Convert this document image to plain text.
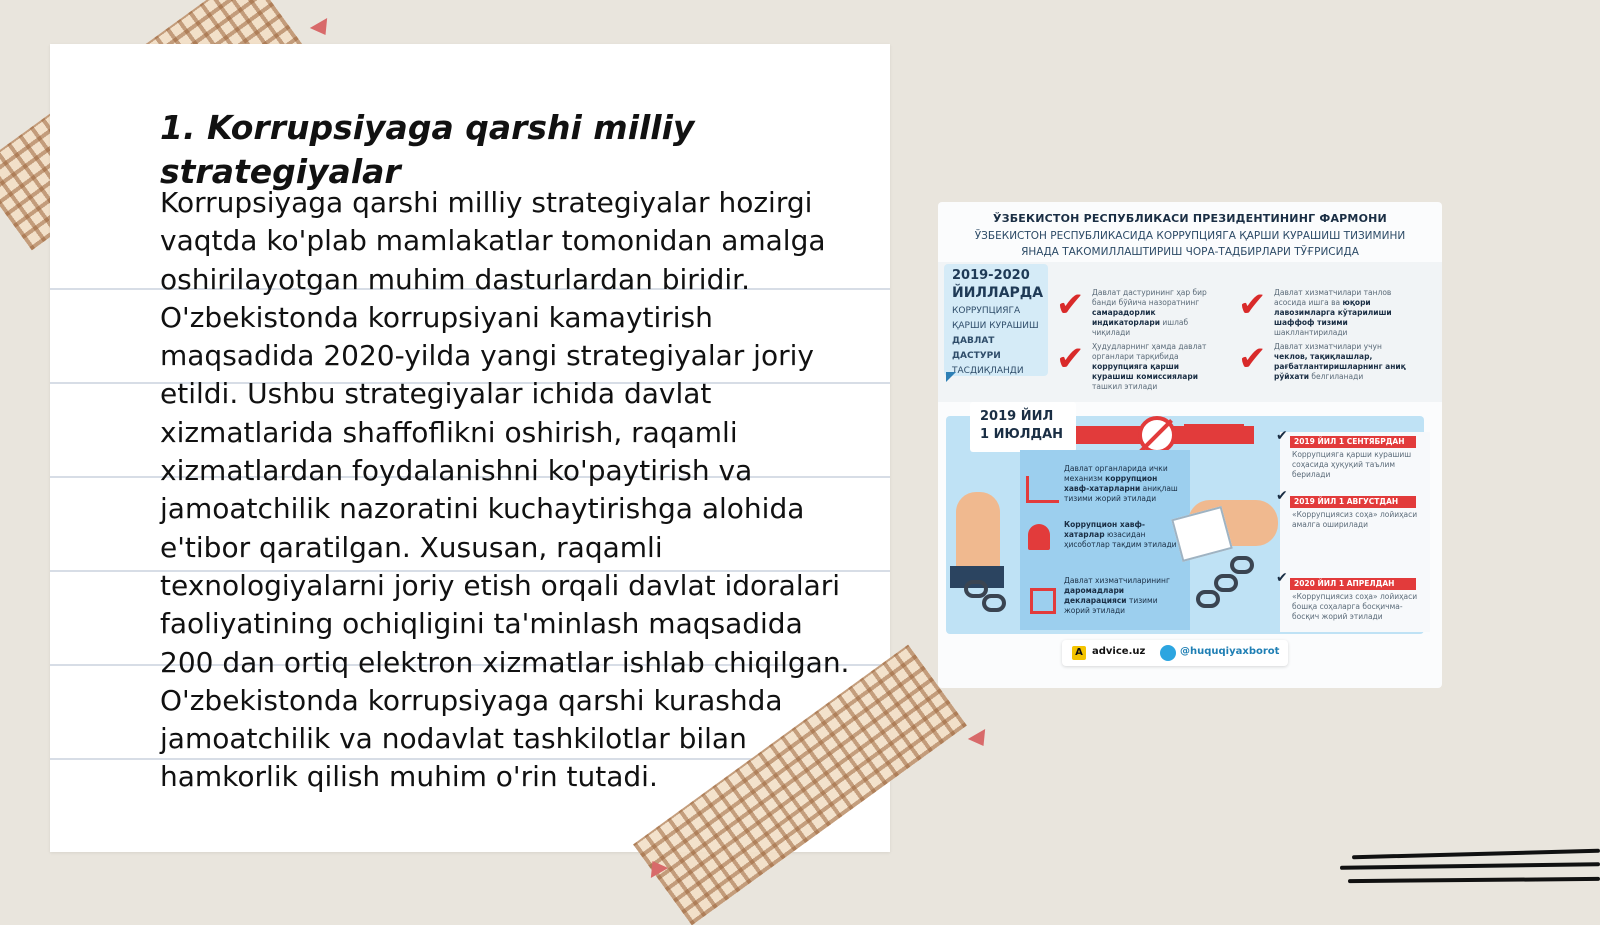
1. Korrupsiyaga qarshi milliy strategiyalar

Korrupsiyaga qarshi milliy strategiyalar hozirgi vaqtda ko'plab mamlakatlar tomonidan amalga oshirilayotgan muhim dasturlardan biridir. O'zbekistonda korrupsiyani kamaytirish maqsadida 2020-yilda yangi strategiyalar joriy etildi. Ushbu strategiyalar ichida davlat xizmatlarida shaffoflikni oshirish, raqamli xizmatlardan foydalanishni ko'paytirish va jamoatchilik nazoratini kuchaytirishga alohida e'tibor qaratilgan. Xususan, raqamli texnologiyalarni joriy etish orqali davlat idoralari faoliyatining ochiqligini ta'minlash maqsadida 200 dan ortiq elektron xizmatlar ishlab chiqilgan. O'zbekistonda korrupsiyaga qarshi kurashda jamoatchilik va nodavlat tashkilotlar bilan hamkorlik qilish muhim o'rin tutadi.

ЎЗБЕКИСТОН РЕСПУБЛИКАСИ ПРЕЗИДЕНТИНИНГ ФАРМОНИ
ЎЗБЕКИСТОН РЕСПУБЛИКАСИДА КОРРУПЦИЯГА ҚАРШИ КУРАШИШ ТИЗИМИНИ ЯНАДА ТАКОМИЛЛАШТИРИШ ЧОРА-ТАДБИРЛАРИ ТЎҒРИСИДА
2019-2020
ЙИЛЛАРДА
КОРРУПЦИЯГА ҚАРШИ КУРАШИШ
ДАВЛАТ ДАСТУРИ
ТАСДИҚЛАНДИ
✔ Давлат дастурининг ҳар бир банди бўйича назоратнинг самарадорлик индикаторлари ишлаб чиқилади
✔ Давлат хизматчилари танлов асосида ишга ва юқори лавозимларга кўтарилиши шаффоф тизими шакллантирилади
✔ Ҳудудларнинг ҳамда давлат органлари тарқибида коррупцияга қарши курашиш комиссиялари ташкил этилади
✔ Давлат хизматчилари учун чеклов, тақиқлашлар, рағбатлантиришларнинг аниқ рўйхати белгиланади
2019 ЙИЛ
1 ИЮЛДАН
Давлат органларида ички механизм коррупцион хавф-хатарларни аниқлаш тизими жорий этилади
Коррупцион хавф-хатарлар юзасидан ҳисоботлар тақдим этилади
Давлат хизматчиларининг даромадлари декларацияси тизими жорий этилади
✔ 2019 ЙИЛ 1 СЕНТЯБРДАН
Коррупцияга қарши курашиш соҳасида ҳуқуқий таълим берилади
✔ 2019 ЙИЛ 1 АВГУСТДАН
«Коррупциясиз соҳа» лойиҳаси амалга оширилади
✔ 2020 ЙИЛ 1 АПРЕЛДАН
«Коррупциясиз соҳа» лойиҳаси бошқа соҳаларга босқичма-босқич жорий этилади
A advice.uz	@huquqiyaxborot
